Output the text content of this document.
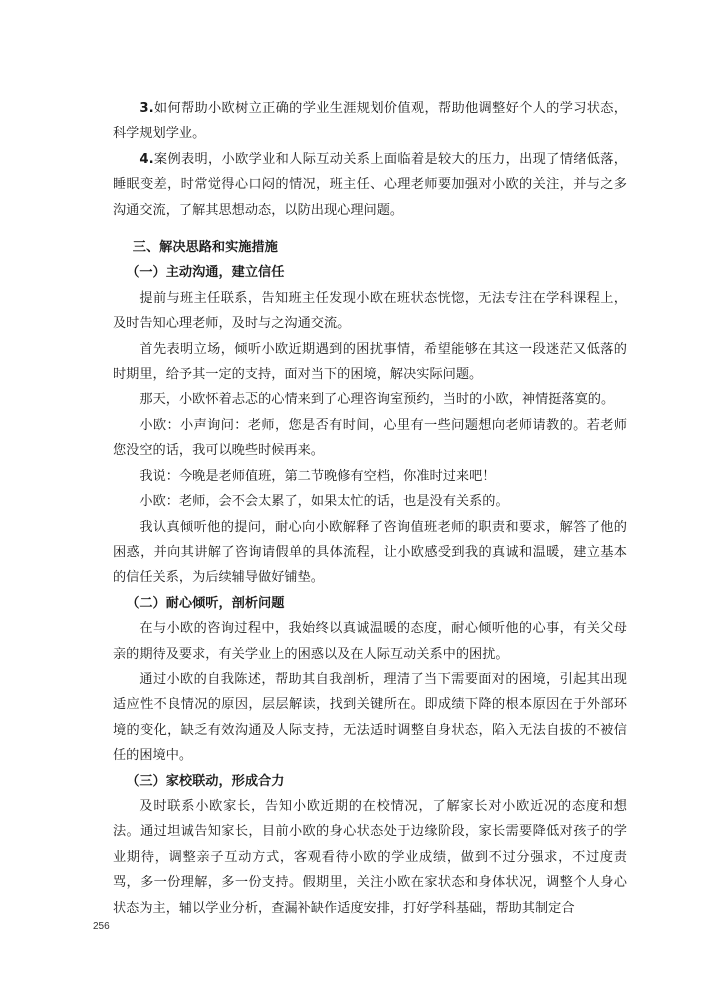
3.如何帮助小欧树立正确的学业生涯规划价值观，帮助他调整好个人的学习状态，科学规划学业。

4.案例表明，小欧学业和人际互动关系上面临着是较大的压力，出现了情绪低落，睡眠变差，时常觉得心口闷的情况，班主任、心理老师要加强对小欧的关注，并与之多沟通交流，了解其思想动态，以防出现心理问题。

三、解决思路和实施措施

（一）主动沟通，建立信任

提前与班主任联系，告知班主任发现小欧在班状态恍惚，无法专注在学科课程上，及时告知心理老师，及时与之沟通交流。

首先表明立场，倾听小欧近期遇到的困扰事情，希望能够在其这一段迷茫又低落的时期里，给予其一定的支持，面对当下的困境，解决实际问题。

那天，小欧怀着忐忑的心情来到了心理咨询室预约，当时的小欧，神情挺落寞的。

小欧：小声询问：老师，您是否有时间，心里有一些问题想向老师请教的。若老师您没空的话，我可以晚些时候再来。

我说：今晚是老师值班，第二节晚修有空档，你准时过来吧！

小欧：老师，会不会太累了，如果太忙的话，也是没有关系的。

我认真倾听他的提问，耐心向小欧解释了咨询值班老师的职责和要求，解答了他的困惑，并向其讲解了咨询请假单的具体流程，让小欧感受到我的真诚和温暖，建立基本的信任关系，为后续辅导做好铺垫。

（二）耐心倾听，剖析问题

在与小欧的咨询过程中，我始终以真诚温暖的态度，耐心倾听他的心事，有关父母亲的期待及要求，有关学业上的困惑以及在人际互动关系中的困扰。

通过小欧的自我陈述，帮助其自我剖析，理清了当下需要面对的困境，引起其出现适应性不良情况的原因，层层解读，找到关键所在。即成绩下降的根本原因在于外部环境的变化，缺乏有效沟通及人际支持，无法适时调整自身状态，陷入无法自拔的不被信任的困境中。

（三）家校联动，形成合力

及时联系小欧家长，告知小欧近期的在校情况，了解家长对小欧近况的态度和想法。通过坦诚告知家长，目前小欧的身心状态处于边缘阶段，家长需要降低对孩子的学业期待，调整亲子互动方式，客观看待小欧的学业成绩，做到不过分强求，不过度责骂，多一份理解，多一份支持。假期里，关注小欧在家状态和身体状况，调整个人身心状态为主，辅以学业分析，查漏补缺作适度安排，打好学科基础，帮助其制定合

256
